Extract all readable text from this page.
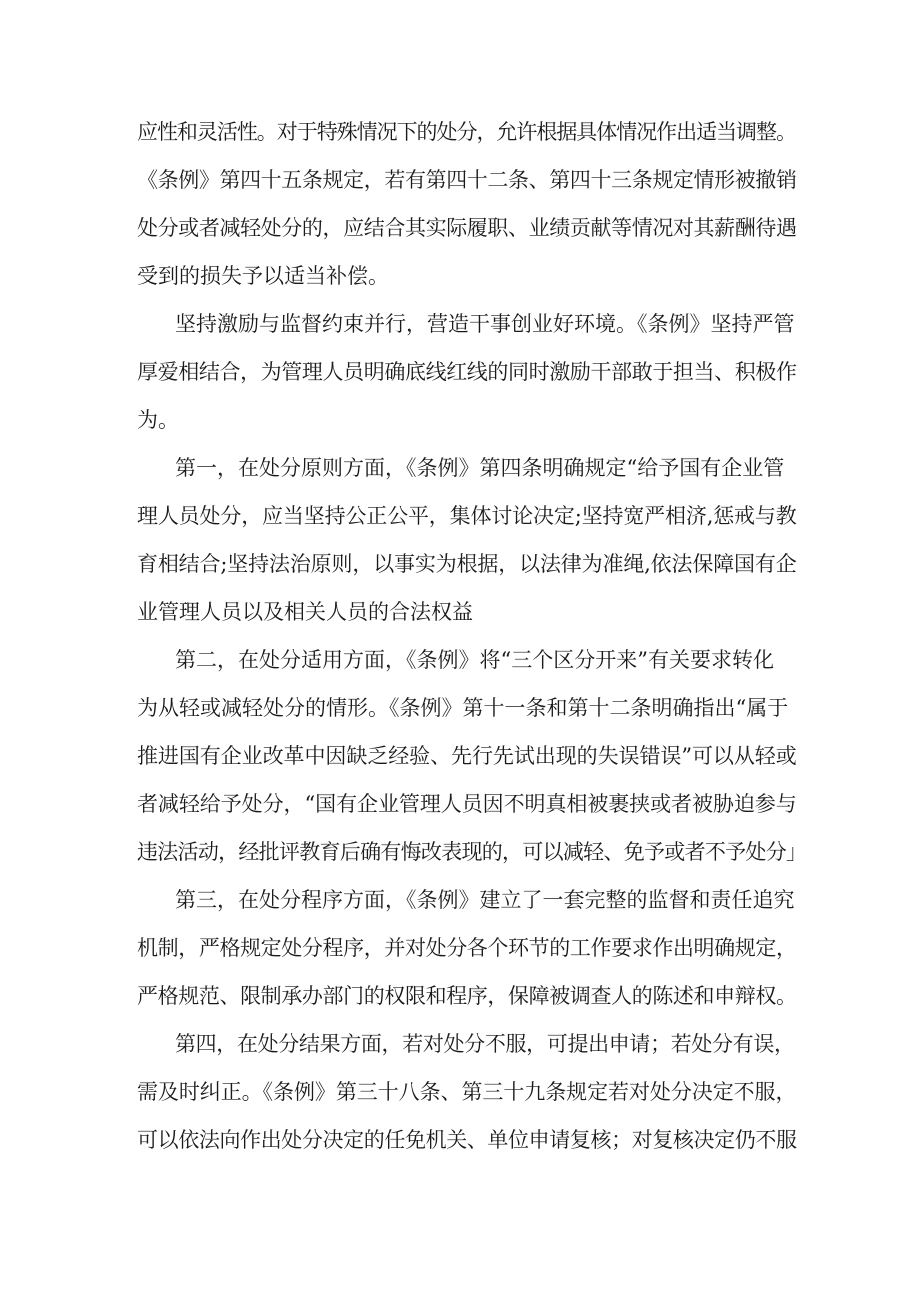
应性和灵活性。对于特殊情况下的处分，允许根据具体情况作出适当调整。
《条例》第四十五条规定，若有第四十二条、第四十三条规定情形被撤销
处分或者减轻处分的，应结合其实际履职、业绩贡献等情况对其薪酬待遇
受到的损失予以适当补偿。
坚持激励与监督约束并行，营造干事创业好环境。《条例》坚持严管
厚爱相结合，为管理人员明确底线红线的同时激励干部敢于担当、积极作
为。
第一，在处分原则方面，《条例》第四条明确规定“给予国有企业管
理人员处分，应当坚持公正公平，集体讨论决定;坚持宽严相济,惩戒与教
育相结合;坚持法治原则，以事实为根据，以法律为准绳,依法保障国有企
业管理人员以及相关人员的合法权益
第二，在处分适用方面，《条例》将“三个区分开来”有关要求转化
为从轻或减轻处分的情形。《条例》第十一条和第十二条明确指出“属于
推进国有企业改革中因缺乏经验、先行先试出现的失误错误”可以从轻或
者减轻给予处分，“国有企业管理人员因不明真相被裹挟或者被胁迫参与
违法活动，经批评教育后确有悔改表现的，可以减轻、免予或者不予处分」
第三，在处分程序方面，《条例》建立了一套完整的监督和责任追究
机制，严格规定处分程序，并对处分各个环节的工作要求作出明确规定，
严格规范、限制承办部门的权限和程序，保障被调查人的陈述和申辩权。
第四，在处分结果方面，若对处分不服，可提出申请；若处分有误，
需及时纠正。《条例》第三十八条、第三十九条规定若对处分决定不服，
可以依法向作出处分决定的任免机关、单位申请复核；对复核决定仍不服
